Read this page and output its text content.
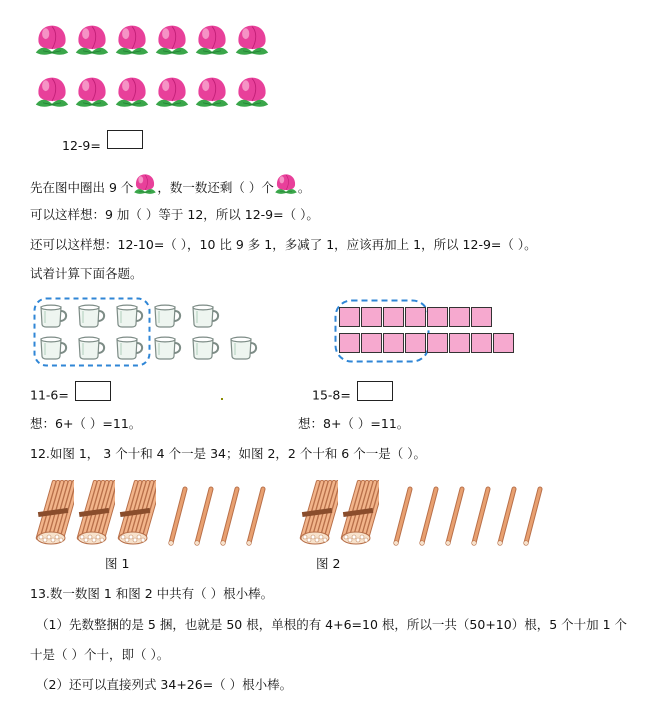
12-9=
先在图中圈出 9 个 ，数一数还剩（ ）个 。
可以这样想：9 加（ ）等于 12，所以 12-9=（ ）。
还可以这样想：12-10=（ ），10 比 9 多 1，多减了 1，应该再加上 1，所以 12-9=（ ）。
试着计算下面各题。
11-6=	15-8=
想：6+（ ）=11。	想：8+（ ）=11。
12.如图 1， 3 个十和 4 个一是 34；如图 2，2 个十和 6 个一是（ ）。
图 1	图 2
13.数一数图 1 和图 2 中共有（ ）根小棒。
（1）先数整捆的是 5 捆，也就是 50 根，单根的有 4+6=10 根，所以一共（50+10）根，5 个十加 1 个
十是（ ）个十，即（ ）。
（2）还可以直接列式 34+26=（ ）根小棒。
